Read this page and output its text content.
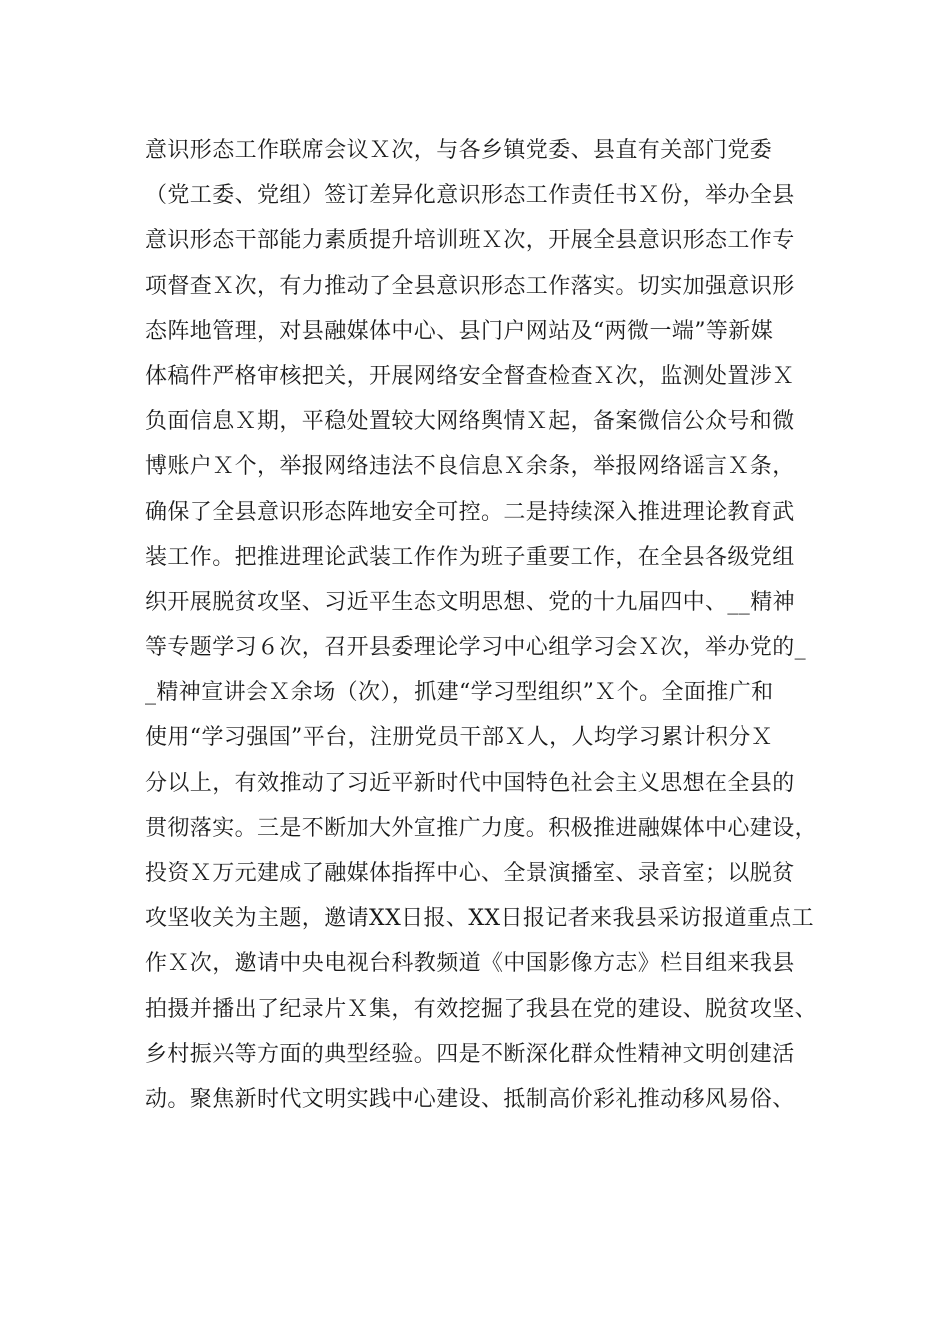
意识形态工作联席会议Ｘ次，与各乡镇党委、县直有关部门党委
（党工委、党组）签订差异化意识形态工作责任书Ｘ份，举办全县
意识形态干部能力素质提升培训班Ｘ次，开展全县意识形态工作专
项督查Ｘ次，有力推动了全县意识形态工作落实。切实加强意识形
态阵地管理，对县融媒体中心、县门户网站及“两微一端”等新媒
体稿件严格审核把关，开展网络安全督查检查Ｘ次，监测处置涉Ｘ
负面信息Ｘ期，平稳处置较大网络舆情Ｘ起，备案微信公众号和微
博账户Ｘ个，举报网络违法不良信息Ｘ余条，举报网络谣言Ｘ条，
确保了全县意识形态阵地安全可控。二是持续深入推进理论教育武
装工作。把推进理论武装工作作为班子重要工作，在全县各级党组
织开展脱贫攻坚、习近平生态文明思想、党的十九届四中、__精神
等专题学习６次，召开县委理论学习中心组学习会Ｘ次，举办党的_
_精神宣讲会Ｘ余场（次），抓建“学习型组织”Ｘ个。全面推广和
使用“学习强国”平台，注册党员干部Ｘ人，人均学习累计积分Ｘ
分以上，有效推动了习近平新时代中国特色社会主义思想在全县的
贯彻落实。三是不断加大外宣推广力度。积极推进融媒体中心建设，
投资Ｘ万元建成了融媒体指挥中心、全景演播室、录音室；以脱贫
攻坚收关为主题，邀请XX日报、XX日报记者来我县采访报道重点工
作Ｘ次，邀请中央电视台科教频道《中国影像方志》栏目组来我县
拍摄并播出了纪录片Ｘ集，有效挖掘了我县在党的建设、脱贫攻坚、
乡村振兴等方面的典型经验。四是不断深化群众性精神文明创建活
动。聚焦新时代文明实践中心建设、抵制高价彩礼推动移风易俗、
